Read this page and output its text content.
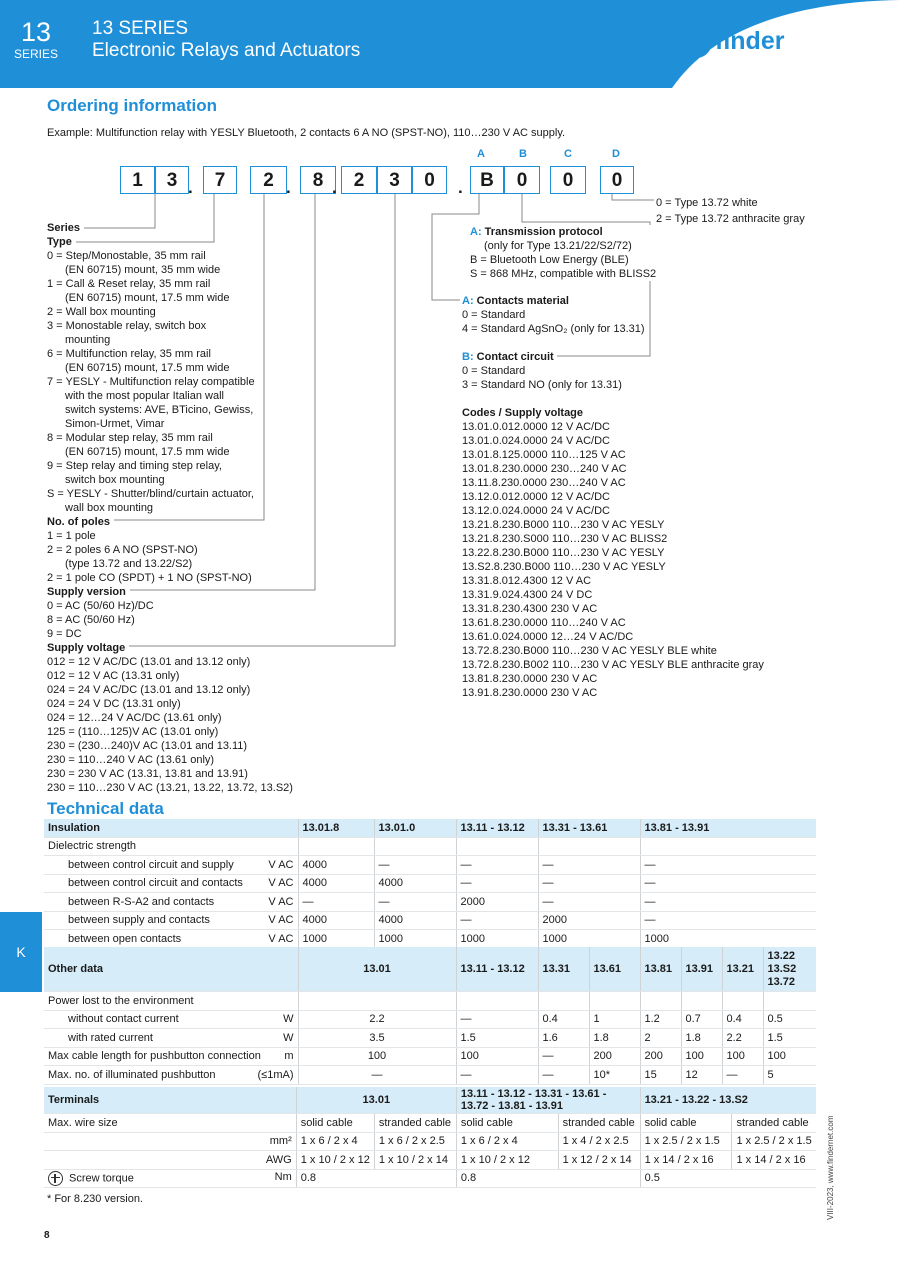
13
SERIES
13 SERIES
Electronic Relays and Actuators	finder
Ordering information
Example: Multifunction relay with YESLY Bluetooth, 2 contacts 6 A NO (SPST-NO), 110…230 V AC supply.
1	3 .	7	2 .	8 . 2	3	0	. B	0	0	0
A	B	C	D
0 = Type 13.72 white
2 = Type 13.72 anthracite gray
Series
Type
0 = Step/Monostable, 35 mm rail
(EN 60715) mount, 35 mm wide
1 = Call & Reset relay, 35 mm rail
(EN 60715) mount, 17.5 mm wide
2 = Wall box mounting
3 = Monostable relay, switch box
mounting
6 = Multifunction relay, 35 mm rail
(EN 60715) mount, 17.5 mm wide
7 = YESLY - Multifunction relay compatible
with the most popular Italian wall
switch systems: AVE, BTicino, Gewiss,
Simon-Urmet, Vimar
8 = Modular step relay, 35 mm rail
(EN 60715) mount, 17.5 mm wide
9 = Step relay and timing step relay,
switch box mounting
S = YESLY - Shutter/blind/curtain actuator,
wall box mounting
No. of poles
1 = 1 pole
2 = 2 poles 6 A NO (SPST-NO)
(type 13.72 and 13.22/S2)
2 = 1 pole CO (SPDT) + 1 NO (SPST-NO)
Supply version
0 = AC (50/60 Hz)/DC
8 = AC (50/60 Hz)
9 = DC
Supply voltage
012 = 12 V AC/DC (13.01 and 13.12 only)
012 = 12 V AC (13.31 only)
024 = 24 V AC/DC (13.01 and 13.12 only)
024 = 24 V DC (13.31 only)
024 = 12…24 V AC/DC (13.61 only)
125 = (110…125)V AC (13.01 only)
230 = (230…240)V AC (13.01 and 13.11)
230 = 110…240 V AC (13.61 only)
230 = 230 V AC (13.31, 13.81 and 13.91)
230 = 110…230 V AC (13.21, 13.22, 13.72, 13.S2)
A: Transmission protocol
(only for Type 13.21/22/S2/72)
B = Bluetooth Low Energy (BLE)
S = 868 MHz, compatible with BLISS2
A: Contacts material
0 = Standard
4 = Standard AgSnO₂ (only for 13.31)
B: Contact circuit
0 = Standard
3 = Standard NO (only for 13.31)
Codes / Supply voltage
13.01.0.012.0000 12 V AC/DC
13.01.0.024.0000 24 V AC/DC
13.01.8.125.0000 110…125 V AC
13.01.8.230.0000 230…240 V AC
13.11.8.230.0000 230…240 V AC
13.12.0.012.0000 12 V AC/DC
13.12.0.024.0000 24 V AC/DC
13.21.8.230.B000 110…230 V AC YESLY
13.21.8.230.S000 110…230 V AC BLISS2
13.22.8.230.B000 110…230 V AC YESLY
13.S2.8.230.B000 110…230 V AC YESLY
13.31.8.012.4300 12 V AC
13.31.9.024.4300 24 V DC
13.31.8.230.4300 230 V AC
13.61.8.230.0000 110…240 V AC
13.61.0.024.0000 12…24 V AC/DC
13.72.8.230.B000 110…230 V AC YESLY BLE white
13.72.8.230.B002 110…230 V AC YESLY BLE anthracite gray
13.81.8.230.0000 230 V AC
13.91.8.230.0000 230 V AC
Technical data
Insulation	13.01.8	13.01.0	13.11 - 13.12	13.31 - 13.61	13.81 - 13.91
Dielectric strength					
between control circuit and supply V AC	4000	—	—	—	—
between control circuit and contacts V AC	4000	4000	—	—	—
between R-S-A2 and contacts V AC	—	—	2000	—	—
between supply and contacts V AC	4000	4000	—	2000	—
between open contacts V AC	1000	1000	1000	1000	1000
Other data	13.01	13.11 - 13.12	13.31	13.61	13.81	13.91	13.21	13.22
13.S2
13.72

Power lost to the environment								
without contact current W	2.2	—	0.4	1	1.2	0.7	0.4	0.5
with rated current W	3.5	1.5	1.6	1.8	2	1.8	2.2	1.5
Max cable length for pushbutton connection m	100	100	—	200	200	100	100	100
Max. no. of illuminated pushbutton (≤1mA)	—	—	—	10*	15	12	—	5
Terminals	13.01		13.11 - 13.12 - 13.31 - 13.61 -
13.72 - 13.81 - 13.91		13.21 - 13.22 - 13.S2	
Max. wire size	solid cable	stranded cable	solid cable	stranded cable	solid cable	stranded cable
mm²	1 x 6 / 2 x 4	1 x 6 / 2 x 2.5	1 x 6 / 2 x 4	1 x 4 / 2 x 2.5	1 x 2.5 / 2 x 1.5	1 x 2.5 / 2 x 1.5
AWG	1 x 10 / 2 x 12	1 x 10 / 2 x 14	1 x 10 / 2 x 12	1 x 12 / 2 x 14	1 x 14 / 2 x 16	1 x 14 / 2 x 16

Screw torque Nm	0.8		0.8		0.5	
* For 8.230 version.
K
VIII-2023, www.findernet.com
8
